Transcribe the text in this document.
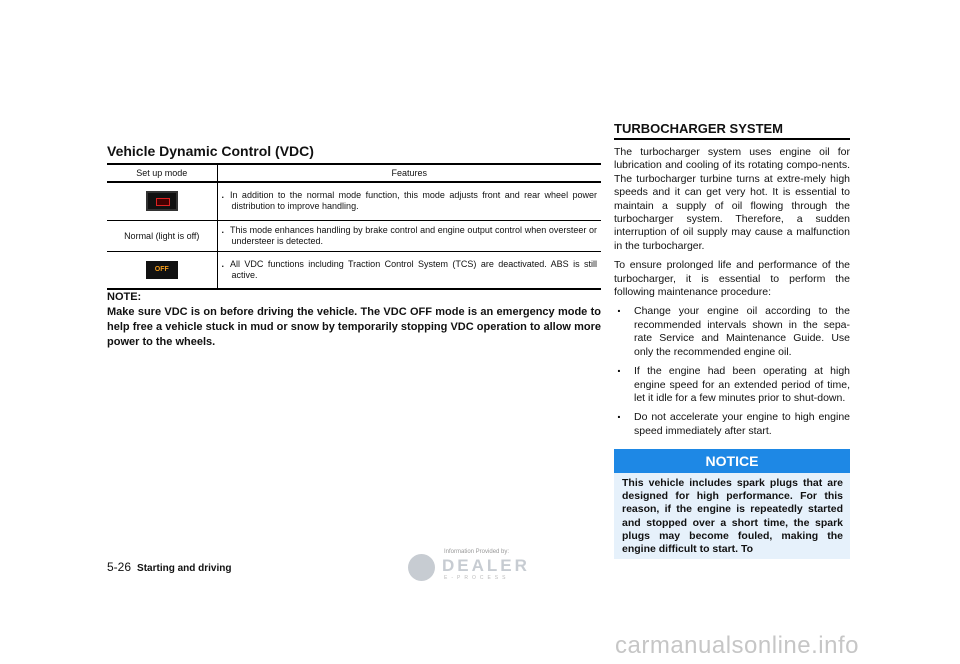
Vehicle Dynamic Control (VDC)
Set up mode	Features
	. In addition to the normal mode function, this mode adjusts front and rear wheel power distribution to improve handling.
Normal (light is off)	. This mode enhances handling by brake control and engine output control when oversteer or understeer is detected.
OFF	. All VDC functions including Traction Control System (TCS) are deactivated. ABS is still active.
NOTE:
Make sure VDC is on before driving the vehicle. The VDC OFF mode is an emergency mode to help free a vehicle stuck in mud or snow by temporarily stopping VDC operation to allow more power to the wheels.
5-26 Starting and driving
TURBOCHARGER SYSTEM

The turbocharger system uses engine oil for lubrication and cooling of its rotating compo-nents. The turbocharger turbine turns at extre-mely high speeds and it can get very hot. It is essential to maintain a supply of oil flowing through the turbocharger system. Therefore, a sudden interruption of oil supply may cause a malfunction in the turbocharger.

To ensure prolonged life and performance of the turbocharger, it is essential to perform the following maintenance procedure:

. Change your engine oil according to the recommended intervals shown in the sepa-rate Service and Maintenance Guide. Use only the recommended engine oil.
. If the engine had been operating at high engine speed for an extended period of time, let it idle for a few minutes prior to shut-down.
. Do not accelerate your engine to high engine speed immediately after start.
NOTICE
This vehicle includes spark plugs that are designed for high performance. For this reason, if the engine is repeatedly started and stopped over a short time, the spark plugs may become fouled, making the engine difficult to start. To
Information Provided by:
DEALER
E-PROCESS
carmanualsonline.info
